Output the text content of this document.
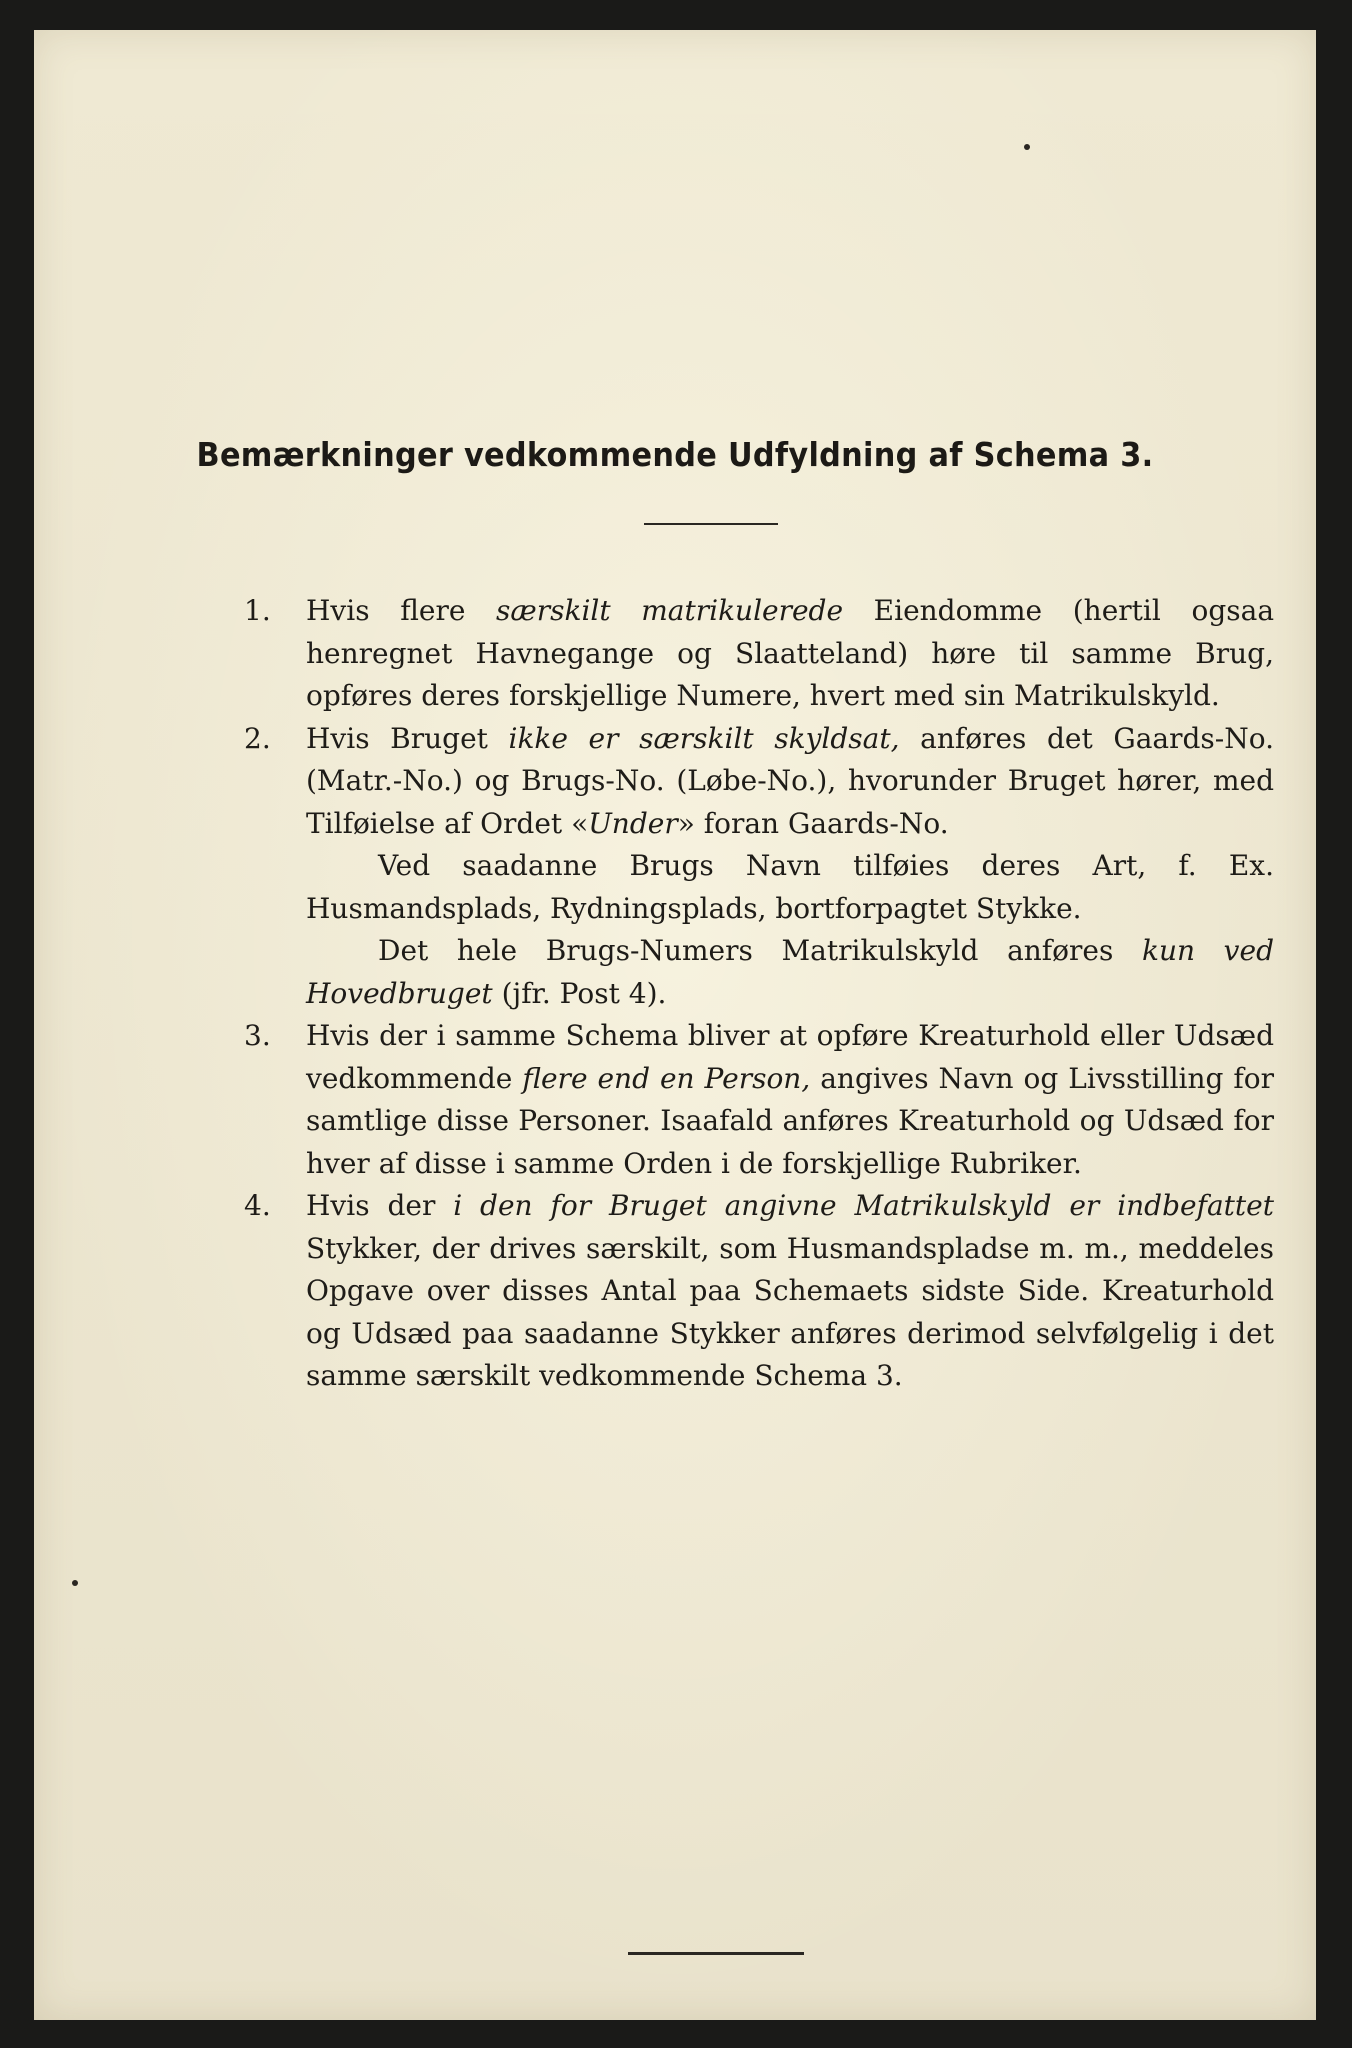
Bemærkninger vedkommende Udfyldning af Schema 3.
1. Hvis flere særskilt matrikulerede Eiendomme (hertil ogsaa henregnet Havnegange og Slaatteland) høre til samme Brug, opføres deres forskjellige Numere, hvert med sin Matrikulskyld.

2. Hvis Bruget ikke er særskilt skyldsat, anføres det Gaards-No. (Matr.-No.) og Brugs-No. (Løbe-No.), hvorunder Bruget hører, med Tilføielse af Ordet «Under» foran Gaards-No.

Ved saadanne Brugs Navn tilføies deres Art, f. Ex. Husmandsplads, Rydningsplads, bortforpagtet Stykke.

Det hele Brugs-Numers Matrikulskyld anføres kun ved Hovedbruget (jfr. Post 4).

3. Hvis der i samme Schema bliver at opføre Kreaturhold eller Udsæd vedkommende flere end en Person, angives Navn og Livsstilling for samtlige disse Personer. Isaafald anføres Kreaturhold og Udsæd for hver af disse i samme Orden i de forskjellige Rubriker.

4. Hvis der i den for Bruget angivne Matrikulskyld er indbefattet Stykker, der drives særskilt, som Husmandspladse m. m., meddeles Opgave over disses Antal paa Schemaets sidste Side. Kreaturhold og Udsæd paa saadanne Stykker anføres derimod selvfølgelig i det samme særskilt vedkommende Schema 3.
